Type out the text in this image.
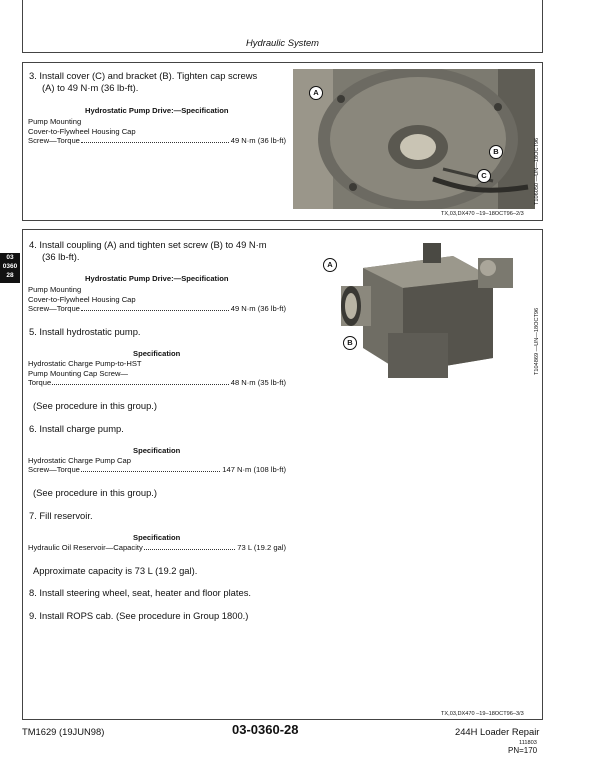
Hydraulic System
03
0360
28
3. Install cover (C) and bracket (B). Tighten cap screws
(A) to 49 N·m (36 lb-ft).
Hydrostatic Pump Drive:—Specification
Pump Mounting
Cover-to-Flywheel Housing Cap
Screw—Torque	49 N·m (36 lb-ft)
A
B
C	T106050 —UN—18OCT96
TX,03,DX470 –19–18OCT96–2/3
4. Install coupling (A) and tighten set screw (B) to 49 N·m
(36 lb-ft).
Hydrostatic Pump Drive:—Specification
Pump Mounting
Cover-to-Flywheel Housing Cap
Screw—Torque	49 N·m (36 lb-ft)
5. Install hydrostatic pump.
Specification
Hydrostatic Charge Pump-to-HST
Pump Mounting Cap Screw—
Torque	48 N·m (35 lb-ft)
(See procedure in this group.)
6. Install charge pump.
Specification
Hydrostatic Charge Pump Cap
Screw—Torque	147 N·m (108 lb-ft)
(See procedure in this group.)
7. Fill reservoir.
Specification
Hydraulic Oil Reservoir—Capacity	73 L (19.2 gal)
Approximate capacity is 73 L (19.2 gal).
8. Install steering wheel, seat, heater and floor plates.
9. Install ROPS cab. (See procedure in Group 1800.)
A
B	T104869 —UN—18OCT96
TX,03,DX470 –19–18OCT96–3/3
TM1629 (19JUN98)	03-0360-28	244H Loader Repair
111803
PN=170
